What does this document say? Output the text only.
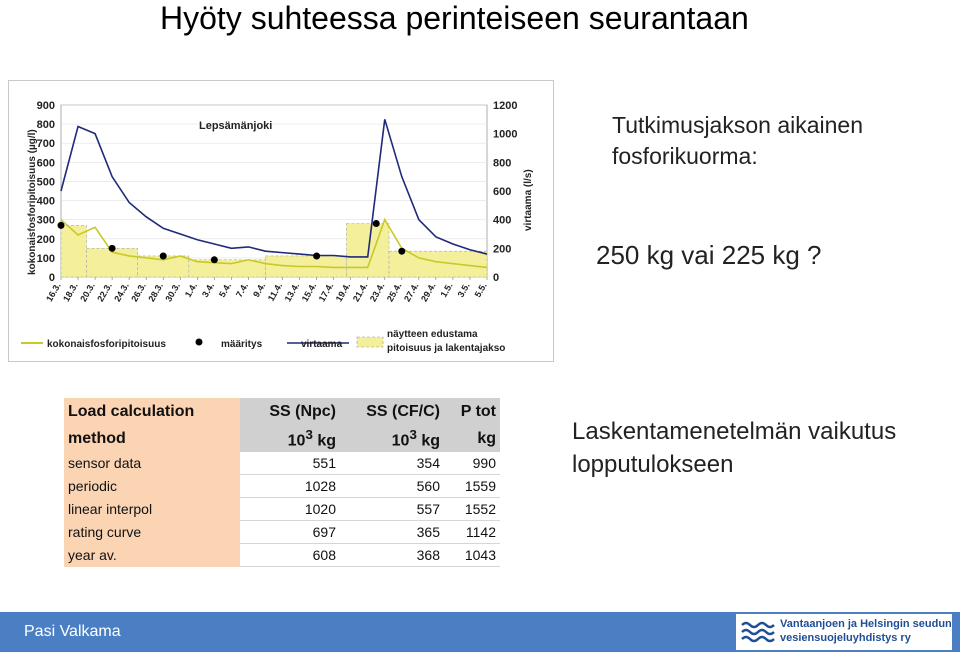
Hyöty suhteessa perinteiseen seurantaan
kokonaisfosforipitoisuus (µg/l)	virtaama (l/s)
900
800
700
600
500
400
300
200
100
0
1200
1000
800
600
400
200
0
16.3.
18.3.
20.3.
22.3.
24.3.
26.3.
28.3.
30.3. 1.4. 3.4. 5.4. 7.4. 9.4.
11.4.
13.4.
15.4.
17.4.
19.4.
21.4.
23.4.
25.4.
27.4.
29.4. 1.5. 3.5. 5.5.
Lepsämänjoki
kokonaisfosforipitoisuus	määritys	virtaama
näytteen edustama
pitoisuus ja lakentajakso
Tutkimusjakson aikainen
fosforikuorma:
250 kg vai 225 kg ?
Load calculation	SS (Npc)	SS (CF/C)	P tot
method	$10^3$ kg	$10^3$ kg	kg
sensor data	551	354	990
periodic	1028	560	1559
linear interpol	1020	557	1552
rating curve	697	365	1142
year av.	608	368	1043
Laskentamenetelmän vaikutus
lopputulokseen
Pasi Valkama	Vantaanjoen ja Helsingin seudun
vesiensuojeluyhdistys ry
